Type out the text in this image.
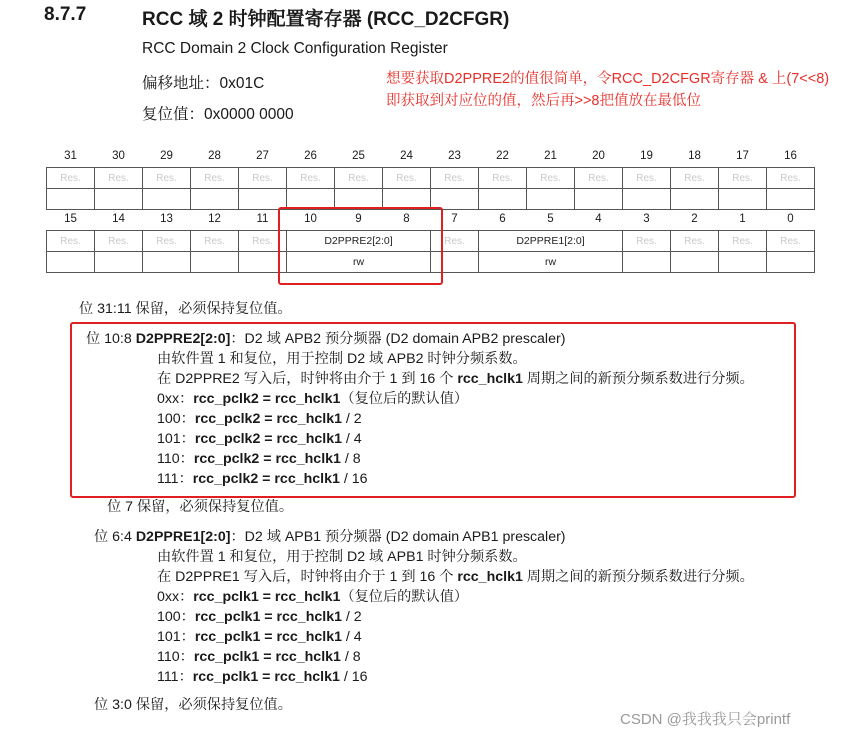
8.7.7	RCC 域 2 时钟配置寄存器 (RCC_D2CFGR)
RCC Domain 2 Clock Configuration Register
偏移地址：0x01C
复位值：0x0000 0000
想要获取D2PPRE2的值很简单，令RCC_D2CFGR寄存器 & 上(7<<8)即获取到对应位的值，然后再>>8把值放在最低位
31	30	29	28	27	26	25	24	23	22	21	20	19	18	17	16
Res.	Res.	Res.	Res.	Res.	Res.	Res.	Res.	Res.	Res.	Res.	Res.	Res.	Res.	Res.	Res.

15	14	13	12	11	10	9	8	7	6	5	4	3	2	1	0
Res.	Res.	Res.	Res.	Res.	D2PPRE2[2:0]			Res.	D2PPRE1[2:0]			Res.	Res.	Res.	Res.
					rw				rw						
位 31:11 保留，必须保持复位值。
位 10:8 D2PPRE2[2:0]：D2 域 APB2 预分频器 (D2 domain APB2 prescaler)
由软件置 1 和复位，用于控制 D2 域 APB2 时钟分频系数。
在 D2PPRE2 写入后，时钟将由介于 1 到 16 个 rcc_hclk1 周期之间的新预分频系数进行分频。
0xx：rcc_pclk2 = rcc_hclk1（复位后的默认值）
100：rcc_pclk2 = rcc_hclk1 / 2
101：rcc_pclk2 = rcc_hclk1 / 4
110：rcc_pclk2 = rcc_hclk1 / 8
111：rcc_pclk2 = rcc_hclk1 / 16
位 7 保留，必须保持复位值。
位 6:4 D2PPRE1[2:0]：D2 域 APB1 预分频器 (D2 domain APB1 prescaler)
由软件置 1 和复位，用于控制 D2 域 APB1 时钟分频系数。
在 D2PPRE1 写入后，时钟将由介于 1 到 16 个 rcc_hclk1 周期之间的新预分频系数进行分频。
0xx：rcc_pclk1 = rcc_hclk1（复位后的默认值）
100：rcc_pclk1 = rcc_hclk1 / 2
101：rcc_pclk1 = rcc_hclk1 / 4
110：rcc_pclk1 = rcc_hclk1 / 8
111：rcc_pclk1 = rcc_hclk1 / 16
位 3:0 保留，必须保持复位值。
CSDN @我我我只会printf
